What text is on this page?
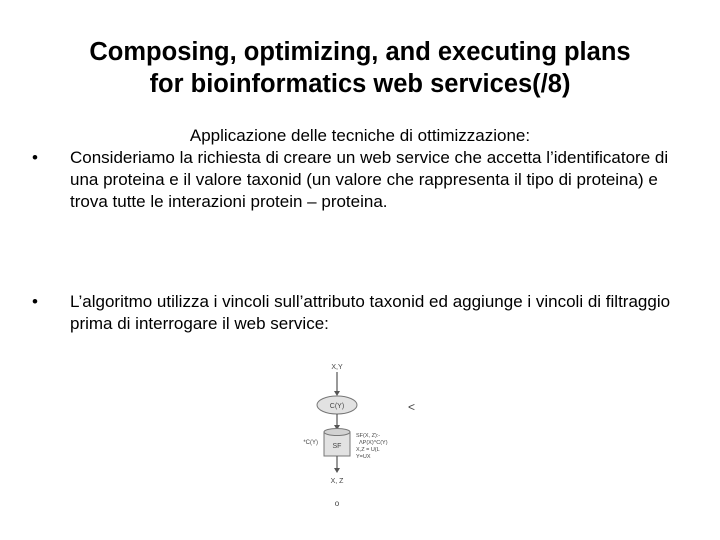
Composing, optimizing, and executing plans
for bioinformatics web services(/8)
Applicazione delle tecniche di ottimizzazione:
• Consideriamo la richiesta di creare un web service che accetta l’identificatore di una proteina e il valore taxonid (un valore che rappresenta il tipo di proteina) e trova tutte le interazioni protein – proteina.
• L’algoritmo utilizza i vincoli sull’attributo taxonid ed aggiunge i vincoli di filtraggio prima di interrogare il web service:
X,Y
C(Y)	<
SF
*C(Y)
SF(X, Z):-
ΛP(X)^C(Y)
X,Z = U(L
Y=UX
X, Z
o
